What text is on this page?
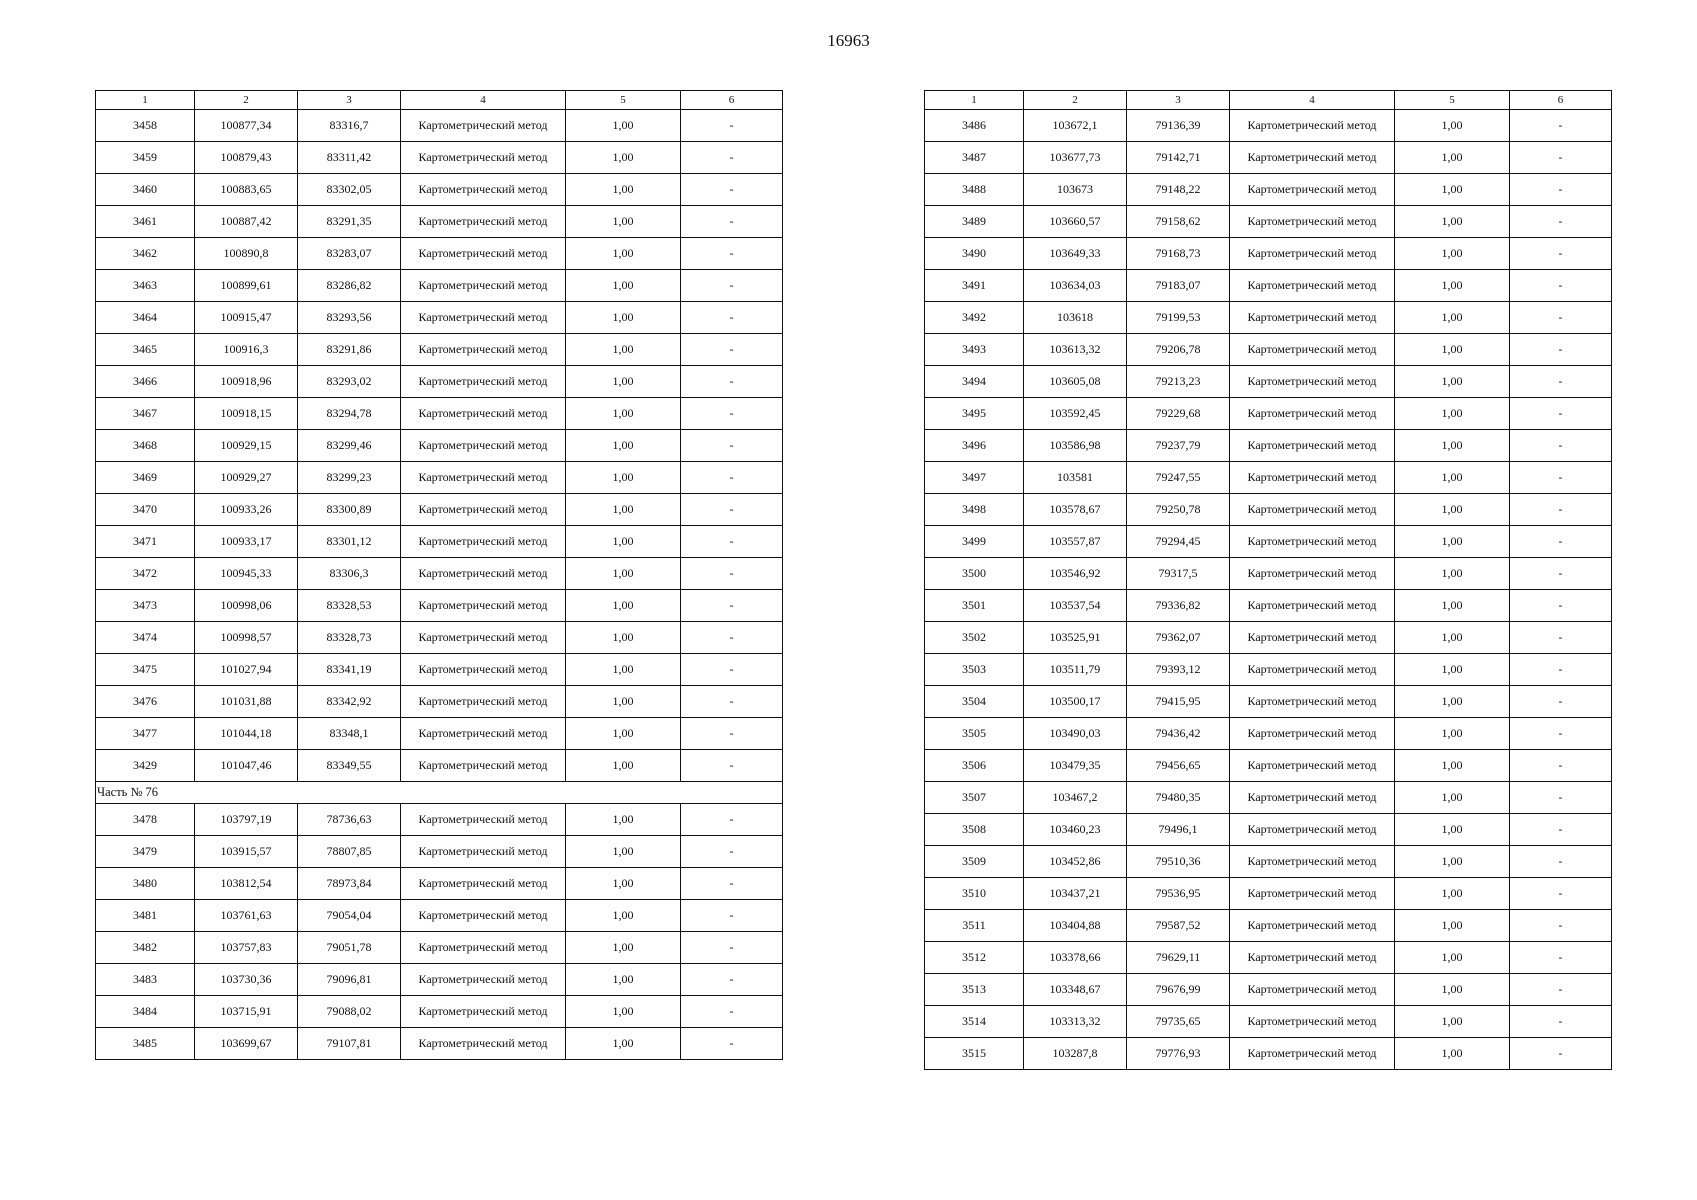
16963
1	2	3	4	5	6
3458	100877,34	83316,7	Картометрический метод	1,00	-
3459	100879,43	83311,42	Картометрический метод	1,00	-
3460	100883,65	83302,05	Картометрический метод	1,00	-
3461	100887,42	83291,35	Картометрический метод	1,00	-
3462	100890,8	83283,07	Картометрический метод	1,00	-
3463	100899,61	83286,82	Картометрический метод	1,00	-
3464	100915,47	83293,56	Картометрический метод	1,00	-
3465	100916,3	83291,86	Картометрический метод	1,00	-
3466	100918,96	83293,02	Картометрический метод	1,00	-
3467	100918,15	83294,78	Картометрический метод	1,00	-
3468	100929,15	83299,46	Картометрический метод	1,00	-
3469	100929,27	83299,23	Картометрический метод	1,00	-
3470	100933,26	83300,89	Картометрический метод	1,00	-
3471	100933,17	83301,12	Картометрический метод	1,00	-
3472	100945,33	83306,3	Картометрический метод	1,00	-
3473	100998,06	83328,53	Картометрический метод	1,00	-
3474	100998,57	83328,73	Картометрический метод	1,00	-
3475	101027,94	83341,19	Картометрический метод	1,00	-
3476	101031,88	83342,92	Картометрический метод	1,00	-
3477	101044,18	83348,1	Картометрический метод	1,00	-
3429	101047,46	83349,55	Картометрический метод	1,00	-
Часть № 76					
3478	103797,19	78736,63	Картометрический метод	1,00	-
3479	103915,57	78807,85	Картометрический метод	1,00	-
3480	103812,54	78973,84	Картометрический метод	1,00	-
3481	103761,63	79054,04	Картометрический метод	1,00	-
3482	103757,83	79051,78	Картометрический метод	1,00	-
3483	103730,36	79096,81	Картометрический метод	1,00	-
3484	103715,91	79088,02	Картометрический метод	1,00	-
3485	103699,67	79107,81	Картометрический метод	1,00	-
1	2	3	4	5	6
3486	103672,1	79136,39	Картометрический метод	1,00	-
3487	103677,73	79142,71	Картометрический метод	1,00	-
3488	103673	79148,22	Картометрический метод	1,00	-
3489	103660,57	79158,62	Картометрический метод	1,00	-
3490	103649,33	79168,73	Картометрический метод	1,00	-
3491	103634,03	79183,07	Картометрический метод	1,00	-
3492	103618	79199,53	Картометрический метод	1,00	-
3493	103613,32	79206,78	Картометрический метод	1,00	-
3494	103605,08	79213,23	Картометрический метод	1,00	-
3495	103592,45	79229,68	Картометрический метод	1,00	-
3496	103586,98	79237,79	Картометрический метод	1,00	-
3497	103581	79247,55	Картометрический метод	1,00	-
3498	103578,67	79250,78	Картометрический метод	1,00	-
3499	103557,87	79294,45	Картометрический метод	1,00	-
3500	103546,92	79317,5	Картометрический метод	1,00	-
3501	103537,54	79336,82	Картометрический метод	1,00	-
3502	103525,91	79362,07	Картометрический метод	1,00	-
3503	103511,79	79393,12	Картометрический метод	1,00	-
3504	103500,17	79415,95	Картометрический метод	1,00	-
3505	103490,03	79436,42	Картометрический метод	1,00	-
3506	103479,35	79456,65	Картометрический метод	1,00	-
3507	103467,2	79480,35	Картометрический метод	1,00	-
3508	103460,23	79496,1	Картометрический метод	1,00	-
3509	103452,86	79510,36	Картометрический метод	1,00	-
3510	103437,21	79536,95	Картометрический метод	1,00	-
3511	103404,88	79587,52	Картометрический метод	1,00	-
3512	103378,66	79629,11	Картометрический метод	1,00	-
3513	103348,67	79676,99	Картометрический метод	1,00	-
3514	103313,32	79735,65	Картометрический метод	1,00	-
3515	103287,8	79776,93	Картометрический метод	1,00	-
